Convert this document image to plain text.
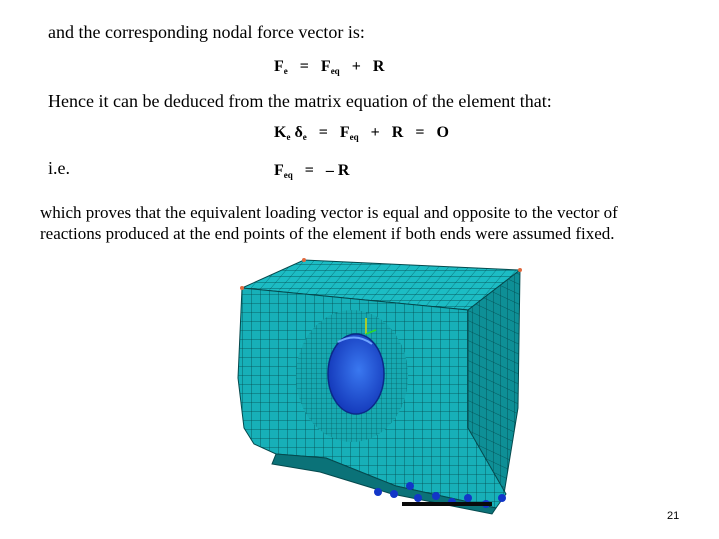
and the corresponding nodal force vector is:
$F_e = F_{eq} + R$
Hence it can be deduced from the matrix equation of the element that:
$K_e$ $\delta_e = F_{eq} + R = O$
i.e.	$F_{eq}$ = – R
which proves that the equivalent loading vector is equal and opposite to the vector of reactions produced at the end points of the element if both ends were assumed fixed.
21
